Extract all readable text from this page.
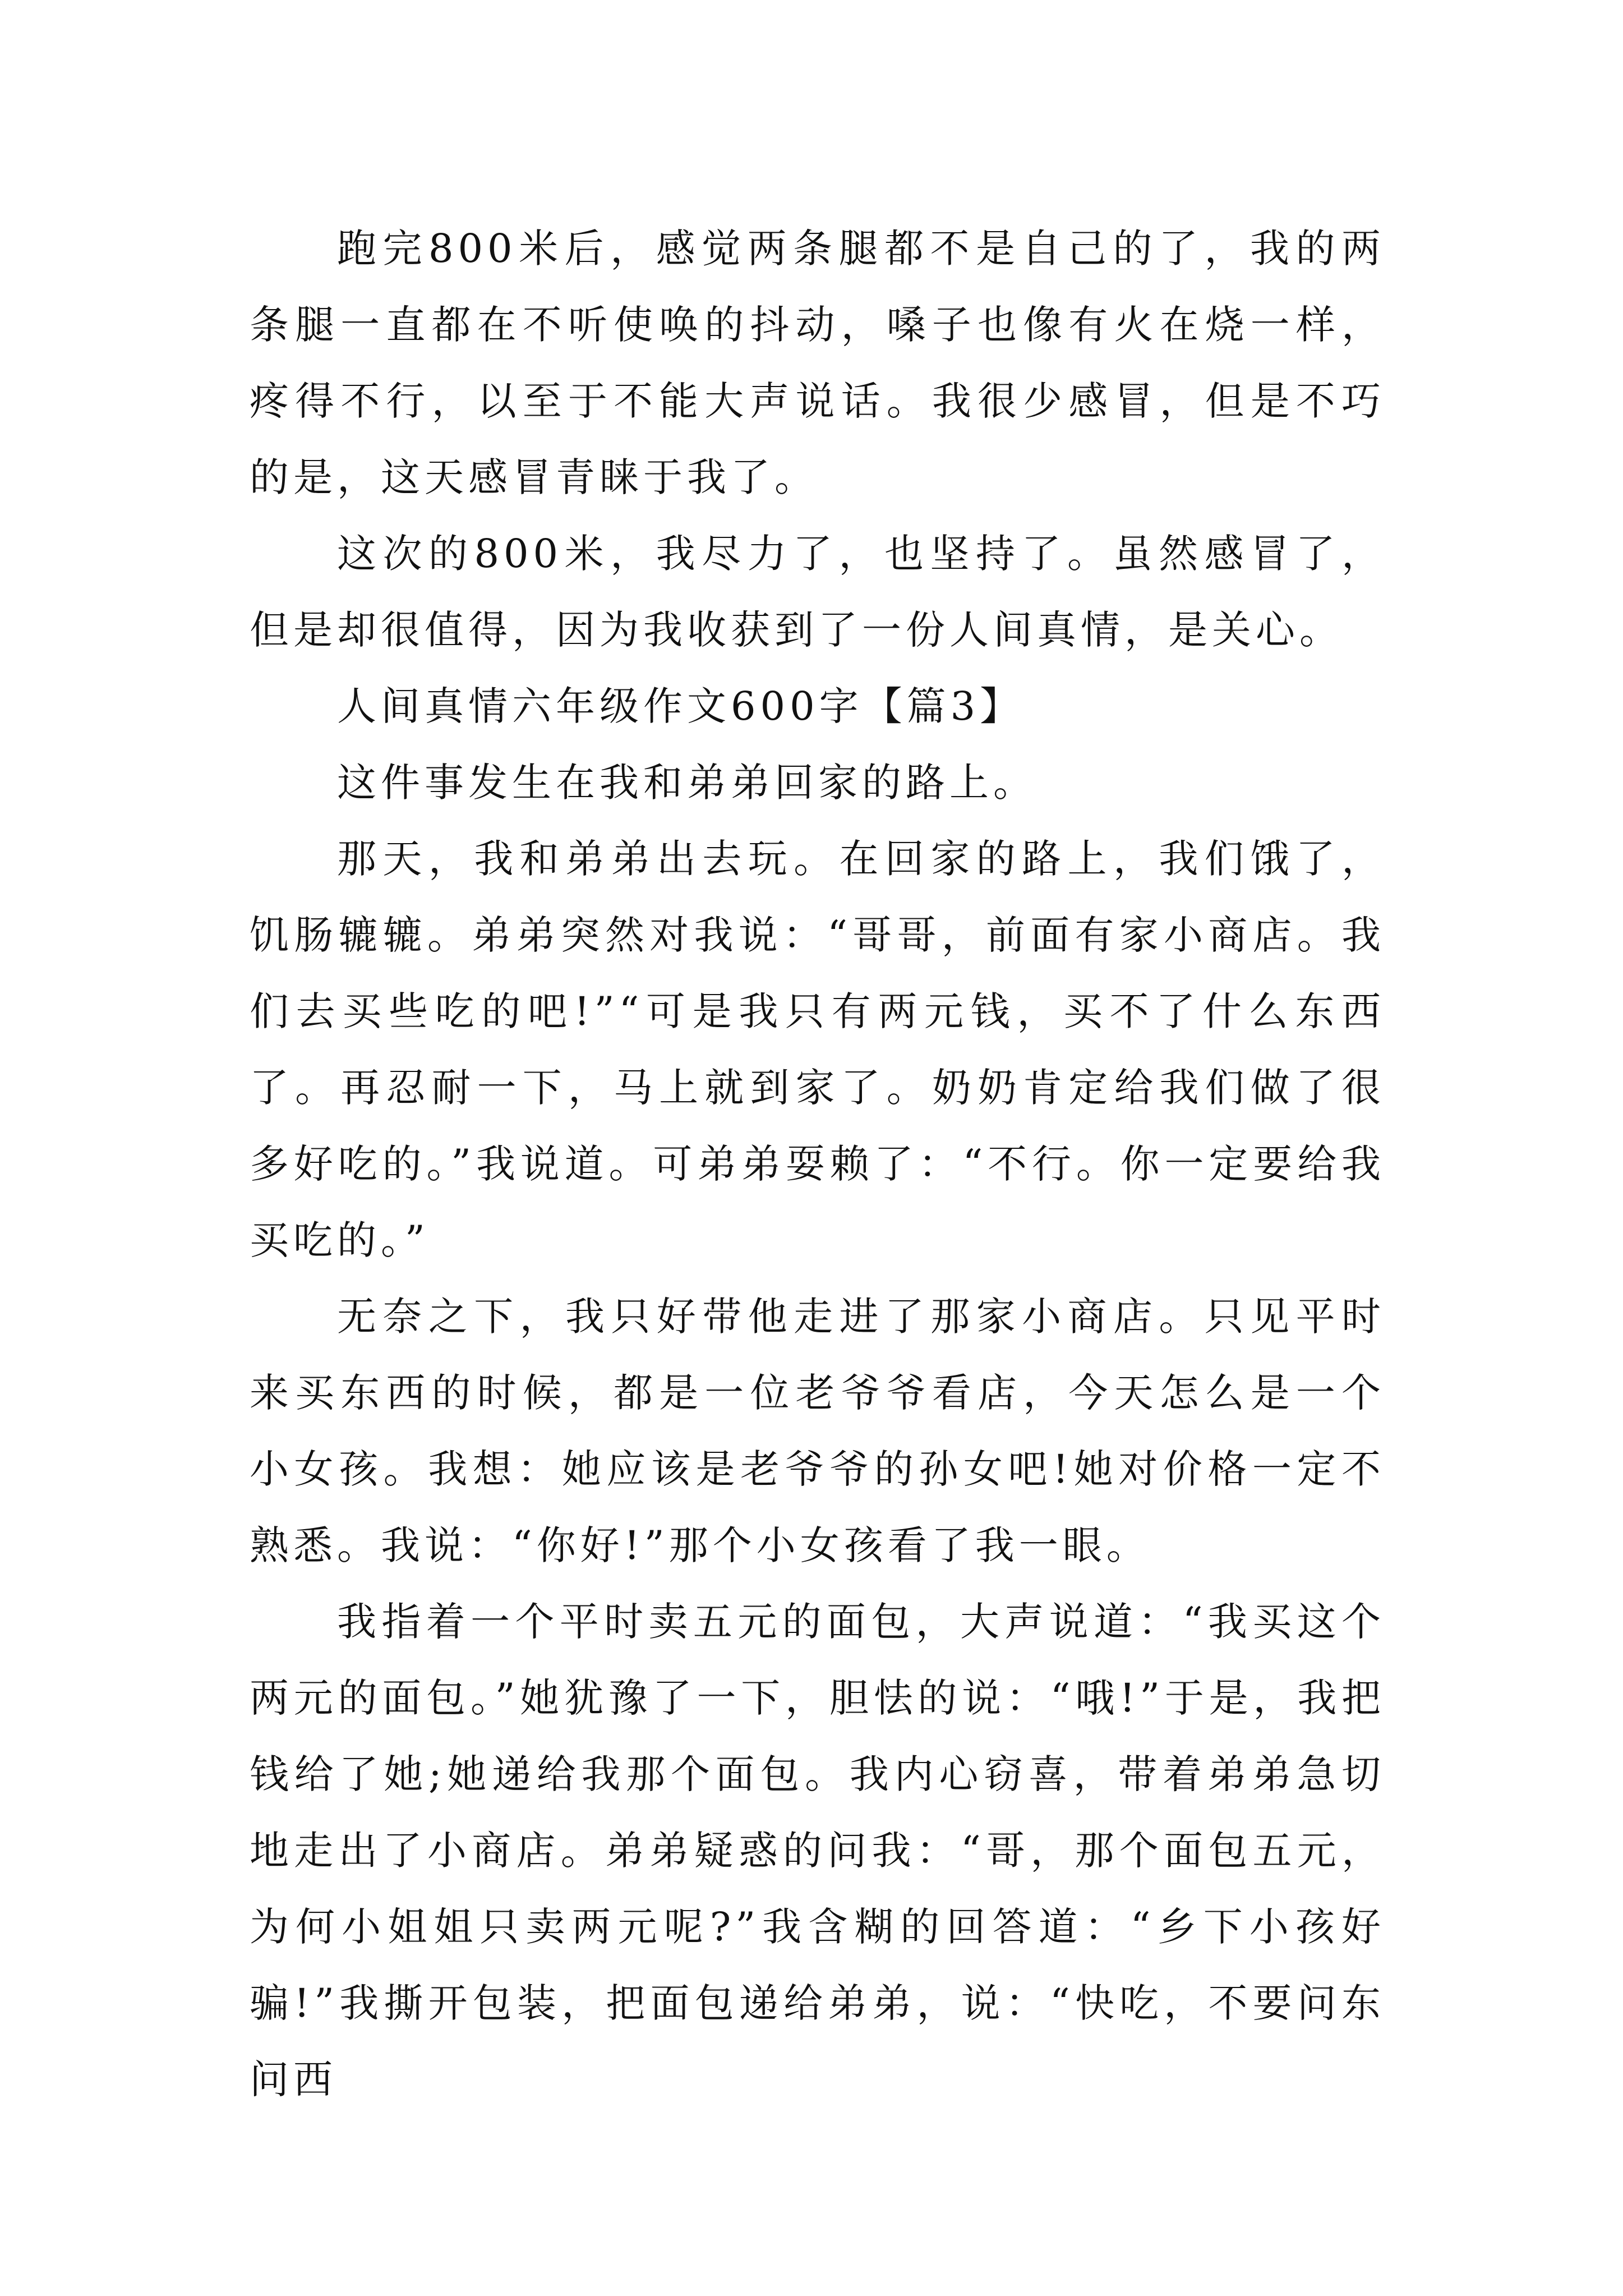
跑完800米后，感觉两条腿都不是自己的了，我的两条腿一直都在不听使唤的抖动，嗓子也像有火在烧一样，疼得不行，以至于不能大声说话。我很少感冒，但是不巧的是，这天感冒青睐于我了。

这次的800米，我尽力了，也坚持了。虽然感冒了，但是却很值得，因为我收获到了一份人间真情，是关心。

人间真情六年级作文600字【篇3】

这件事发生在我和弟弟回家的路上。

那天，我和弟弟出去玩。在回家的路上，我们饿了，饥肠辘辘。弟弟突然对我说：“哥哥，前面有家小商店。我们去买些吃的吧!”“可是我只有两元钱，买不了什么东西了。再忍耐一下，马上就到家了。奶奶肯定给我们做了很多好吃的。”我说道。可弟弟耍赖了：“不行。你一定要给我买吃的。”

无奈之下，我只好带他走进了那家小商店。只见平时来买东西的时候，都是一位老爷爷看店，今天怎么是一个小女孩。我想：她应该是老爷爷的孙女吧!她对价格一定不熟悉。我说：“你好!”那个小女孩看了我一眼。

我指着一个平时卖五元的面包，大声说道：“我买这个两元的面包。”她犹豫了一下，胆怯的说：“哦!”于是，我把钱给了她;她递给我那个面包。我内心窃喜，带着弟弟急切地走出了小商店。弟弟疑惑的问我：“哥，那个面包五元，为何小姐姐只卖两元呢?”我含糊的回答道：“乡下小孩好骗!”我撕开包装，把面包递给弟弟，说：“快吃，不要问东问西
